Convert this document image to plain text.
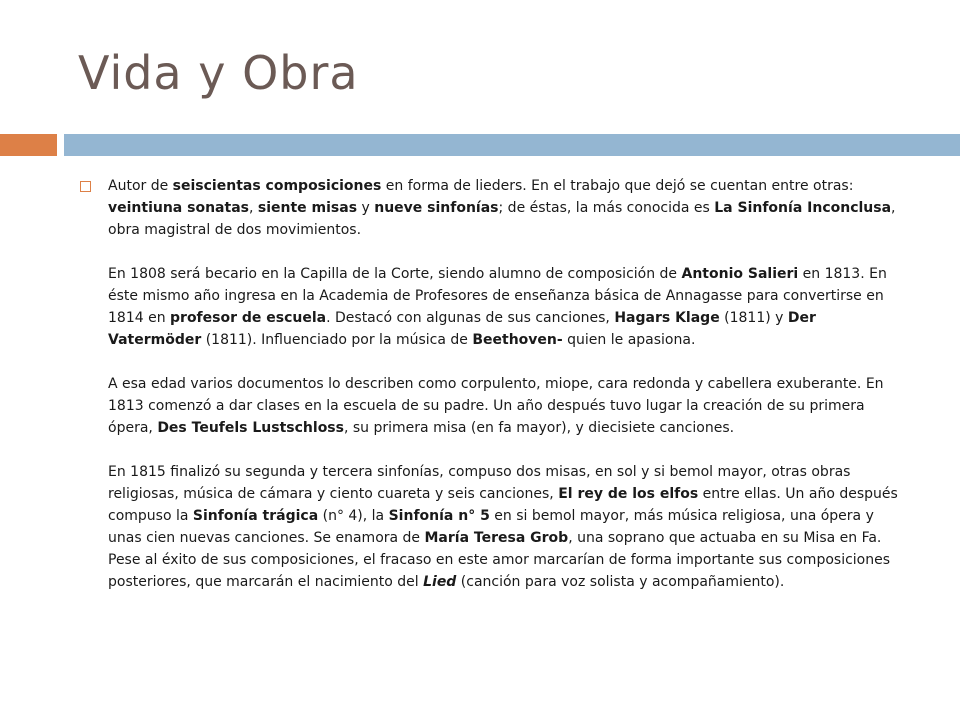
Vida y Obra

Autor de seiscientas composiciones en forma de lieders. En el trabajo que dejó se cuentan entre otras: veintiuna sonatas, siente misas y nueve sinfonías; de éstas, la más conocida es La Sinfonía Inconclusa, obra magistral de dos movimientos.

En 1808 será becario en la Capilla de la Corte, siendo alumno de composición de Antonio Salieri en 1813. En éste mismo año ingresa en la Academia de Profesores de enseñanza básica de Annagasse para convertirse en 1814 en profesor de escuela. Destacó con algunas de sus canciones, Hagars Klage (1811) y Der Vatermöder (1811). Influenciado por la música de Beethoven- quien le apasiona.

A esa edad varios documentos lo describen como corpulento, miope, cara redonda y cabellera exuberante. En 1813 comenzó a dar clases en la escuela de su padre. Un año después tuvo lugar la creación de su primera ópera, Des Teufels Lustschloss, su primera misa (en fa mayor), y diecisiete canciones.

En 1815 finalizó su segunda y tercera sinfonías, compuso dos misas, en sol y si bemol mayor, otras obras religiosas, música de cámara y ciento cuareta y seis canciones, El rey de los elfos entre ellas. Un año después compuso la Sinfonía trágica (n° 4), la Sinfonía n° 5 en si bemol mayor, más música religiosa, una ópera y unas cien nuevas canciones. Se enamora de María Teresa Grob, una soprano que actuaba en su Misa en Fa. Pese al éxito de sus composiciones, el fracaso en este amor marcarían de forma importante sus composiciones posteriores, que marcarán el nacimiento del Lied (canción para voz solista y acompañamiento).
